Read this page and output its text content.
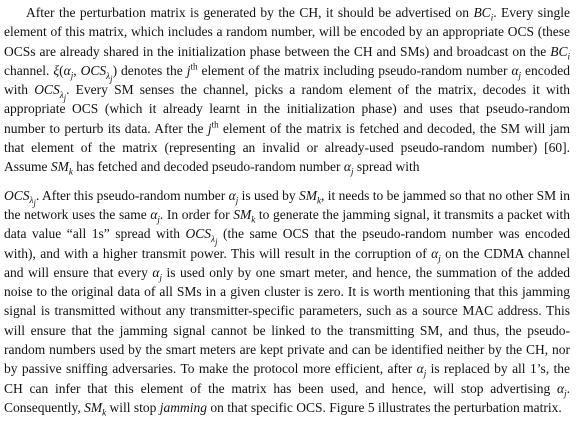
After the perturbation matrix is generated by the CH, it should be advertised on $BC_i$. Every single element of this matrix, which includes a random number, will be encoded by an appropriate OCS (these OCSs are already shared in the initialization phase between the CH and SMs) and broadcast on the $BC_i$ channel. $\xi(\alpha_j$, $OCS_{\lambda_j}$) denotes the $j^{th}$ element of the matrix including pseudo-random number $\alpha_j$ encoded with $OCS_{\lambda_j}$. Every SM senses the channel, picks a random element of the matrix, decodes it with appropriate OCS (which it already learnt in the initialization phase) and uses that pseudo-random number to perturb its data. After the $j^{th}$ element of the matrix is fetched and decoded, the SM will jam that element of the matrix (representing an invalid or already-used pseudo-random number) [60]. Assume $SM_k$ has fetched and decoded pseudo-random number $\alpha_j$ spread with

$OCS_{\lambda_j}$. After this pseudo-random number $\alpha_j$ is used by $SM_k$, it needs to be jammed so that no other SM in the network uses the same $\alpha_j$. In order for $SM_k$ to generate the jamming signal, it transmits a packet with data value “all 1s” spread with $OCS_{\lambda_j}$ (the same OCS that the pseudo-random number was encoded with), and with a higher transmit power. This will result in the corruption of $\alpha_j$ on the CDMA channel and will ensure that every $\alpha_j$ is used only by one smart meter, and hence, the summation of the added noise to the original data of all SMs in a given cluster is zero. It is worth mentioning that this jamming signal is transmitted without any transmitter-specific parameters, such as a source MAC address. This will ensure that the jamming signal cannot be linked to the transmitting SM, and thus, the pseudo-random numbers used by the smart meters are kept private and can be identified neither by the CH, nor by passive sniffing adversaries. To make the protocol more efficient, after $\alpha_j$ is replaced by all 1’s, the CH can infer that this element of the matrix has been used, and hence, will stop advertising $\alpha_j$. Consequently, $SM_k$ will stop jamming on that specific OCS. Figure 5 illustrates the perturbation matrix.
